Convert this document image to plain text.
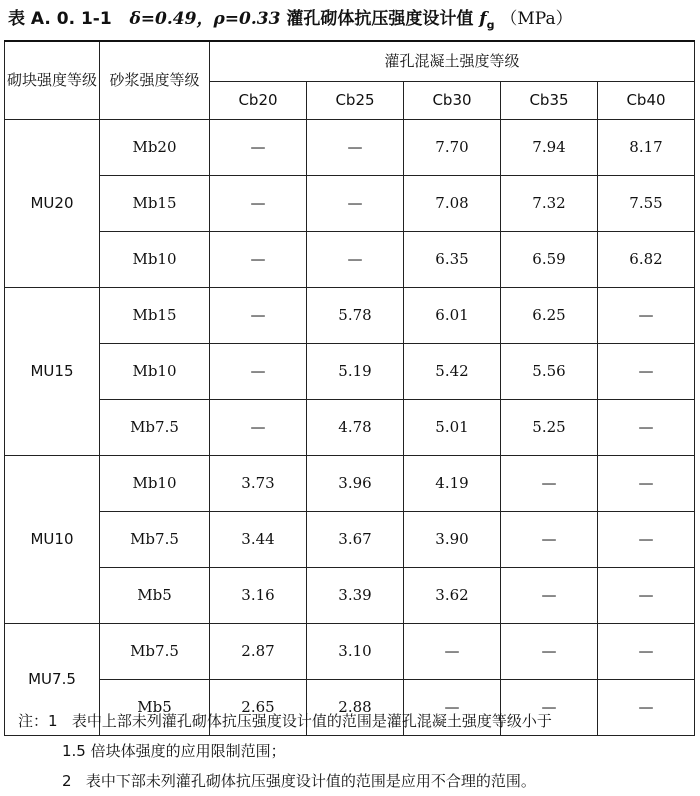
表 A. 0. 1-1 δ=0.49，ρ=0.33 灌孔砌体抗压强度设计值 $f_g$ （MPa）
砌块强度等级	砂浆强度等级	灌孔混凝土强度等级				
		Cb20	Cb25	Cb30	Cb35	Cb40
MU20	Mb20	—	—	7.70	7.94	8.17
	Mb15	—	—	7.08	7.32	7.55
	Mb10	—	—	6.35	6.59	6.82
MU15	Mb15	—	5.78	6.01	6.25	—
	Mb10	—	5.19	5.42	5.56	—
	Mb7.5	—	4.78	5.01	5.25	—
MU10	Mb10	3.73	3.96	4.19	—	—
	Mb7.5	3.44	3.67	3.90	—	—
	Mb5	3.16	3.39	3.62	—	—
MU7.5	Mb7.5	2.87	3.10	—	—	—
	Mb5	2.65	2.88	—	—	—
注：1 表中上部未列灌孔砌体抗压强度设计值的范围是灌孔混凝土强度等级小于
1.5 倍块体强度的应用限制范围；
2 表中下部未列灌孔砌体抗压强度设计值的范围是应用不合理的范围。
